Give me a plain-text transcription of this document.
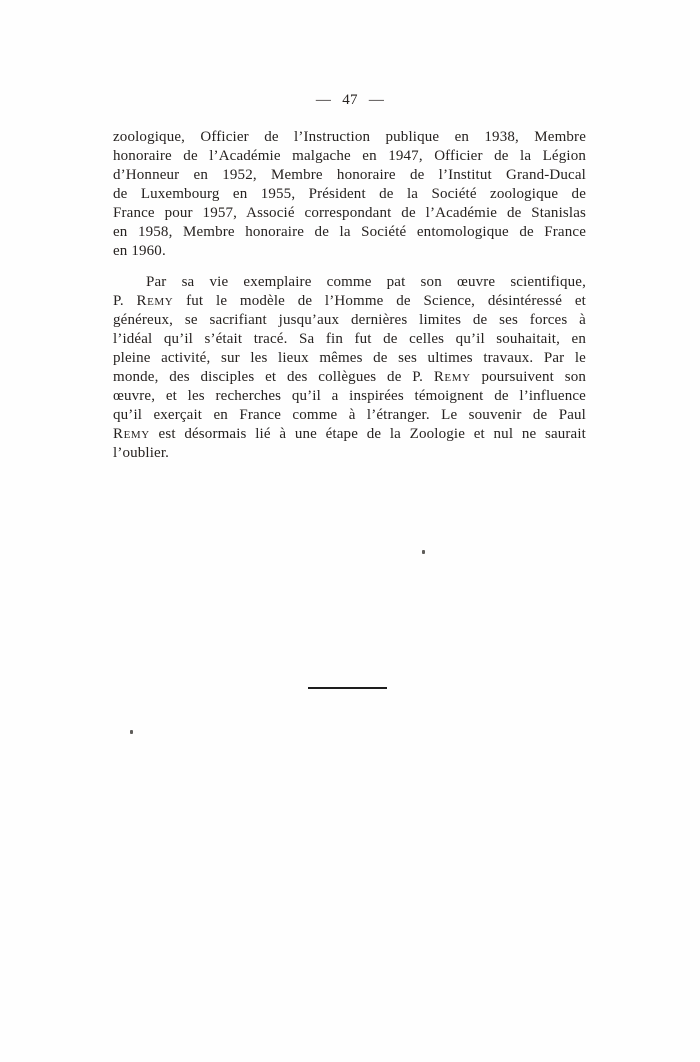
— 47 —
zoologique, Officier de l’Instruction publique en 1938, Membre
honoraire de l’Académie malgache en 1947, Officier de la Légion
d’Honneur en 1952, Membre honoraire de l’Institut Grand-Ducal
de Luxembourg en 1955, Président de la Société zoologique de
France pour 1957, Associé correspondant de l’Académie de Stanislas
en 1958, Membre honoraire de la Société entomologique de France
en 1960.
Par sa vie exemplaire comme pat son œuvre scientifique,
P. Remy fut le modèle de l’Homme de Science, désintéressé et
généreux, se sacrifiant jusqu’aux dernières limites de ses forces à
l’idéal qu’il s’était tracé. Sa fin fut de celles qu’il souhaitait, en
pleine activité, sur les lieux mêmes de ses ultimes travaux. Par le
monde, des disciples et des collègues de P. Remy poursuivent son
œuvre, et les recherches qu’il a inspirées témoignent de l’influence
qu’il exerçait en France comme à l’étranger. Le souvenir de Paul
Remy est désormais lié à une étape de la Zoologie et nul ne saurait
l’oublier.
